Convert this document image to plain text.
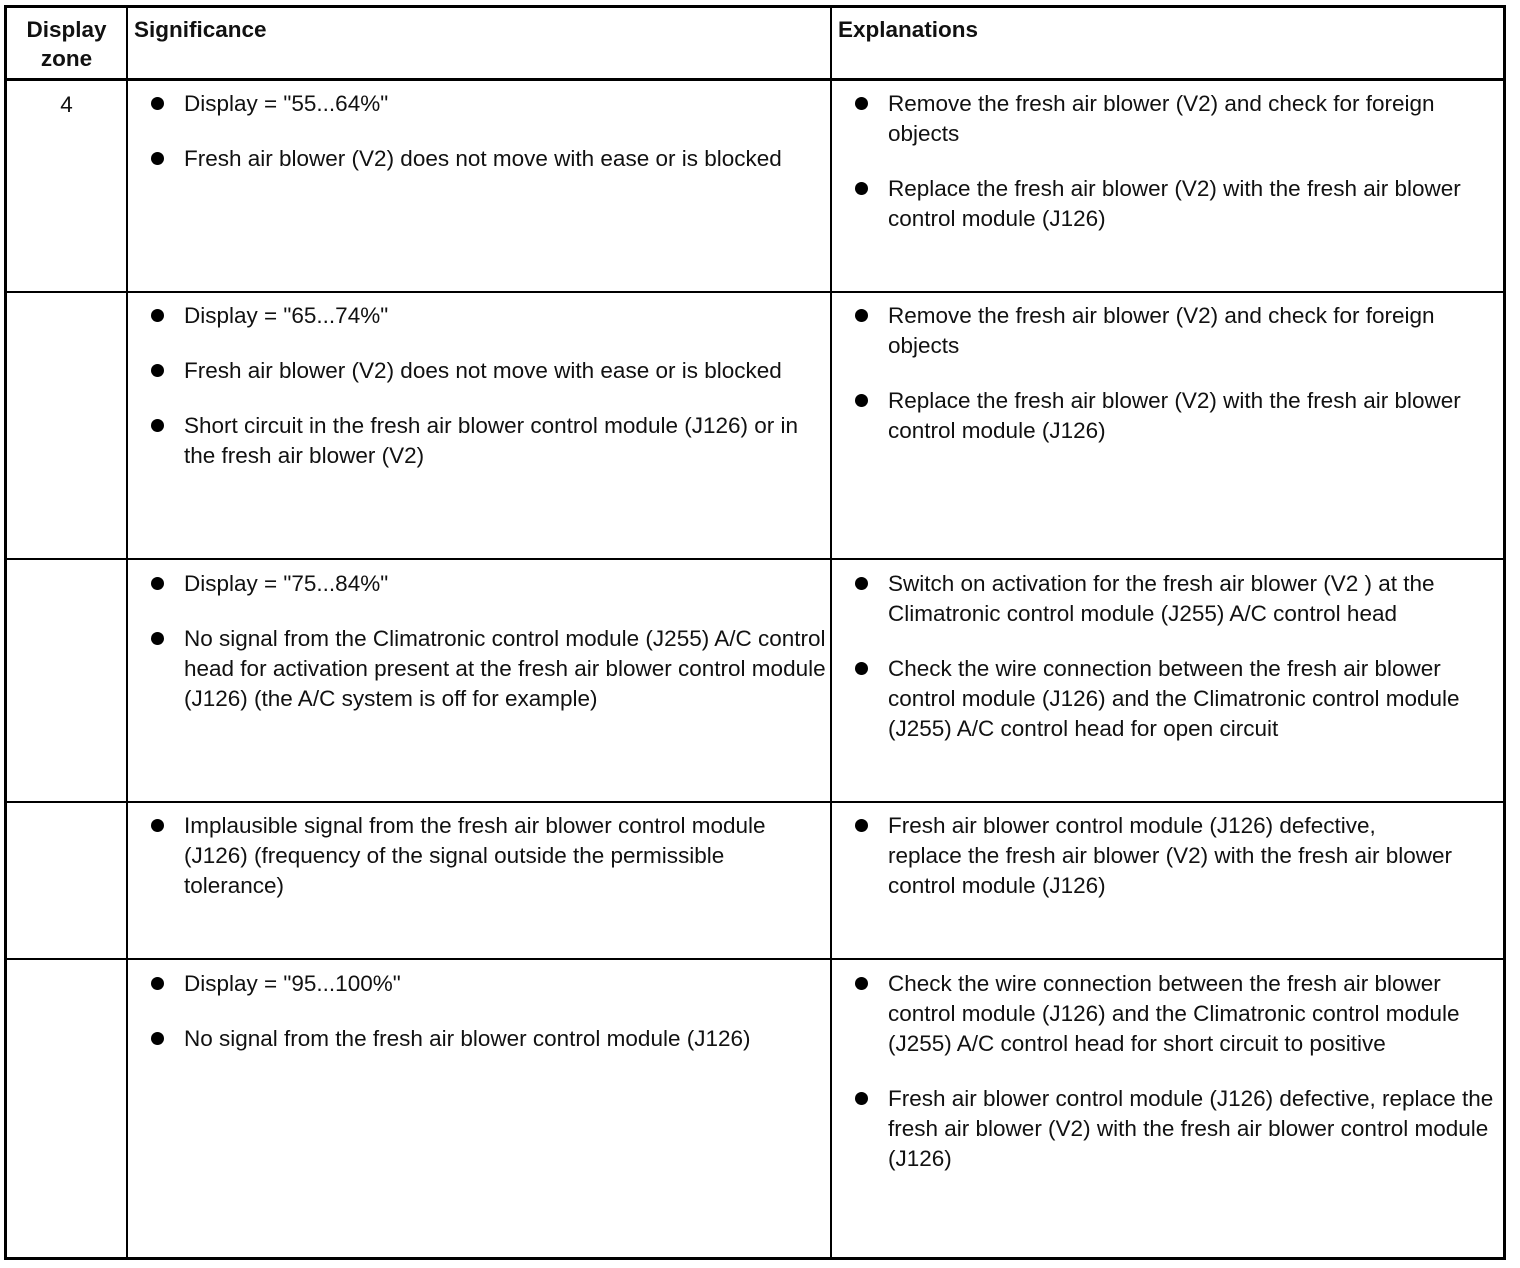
Display zone
Significance	Explanations
4	Display = "55...64%"
Fresh air blower (V2) does not move with ease or is blocked
Remove the fresh air blower (V2) and check for foreign objects
Replace the fresh air blower (V2) with the fresh air blower control module (J126)
Display = "65...74%"
Fresh air blower (V2) does not move with ease or is blocked
Short circuit in the fresh air blower control module (J126) or in the fresh air blower (V2)
Remove the fresh air blower (V2) and check for foreign objects
Replace the fresh air blower (V2) with the fresh air blower control module (J126)
Display = "75...84%"
No signal from the Climatronic control module (J255) A/C control head for activation present at the fresh air blower control module (J126) (the A/C system is off for example)
Switch on activation for the fresh air blower (V2 ) at the Climatronic control module (J255) A/C control head
Check the wire connection between the fresh air blower control module (J126) and the Climatronic control module (J255) A/C control head for open circuit
Implausible signal from the fresh air blower control module (J126) (frequency of the signal outside the permissible tolerance)
Fresh air blower control module (J126) defective, replace the fresh air blower (V2) with the fresh air blower control module (J126)
Display = "95...100%"
No signal from the fresh air blower control module (J126)
Check the wire connection between the fresh air blower control module (J126) and the Climatronic control module (J255) A/C control head for short circuit to positive
Fresh air blower control module (J126) defective, replace the fresh air blower (V2) with the fresh air blower control module (J126)
